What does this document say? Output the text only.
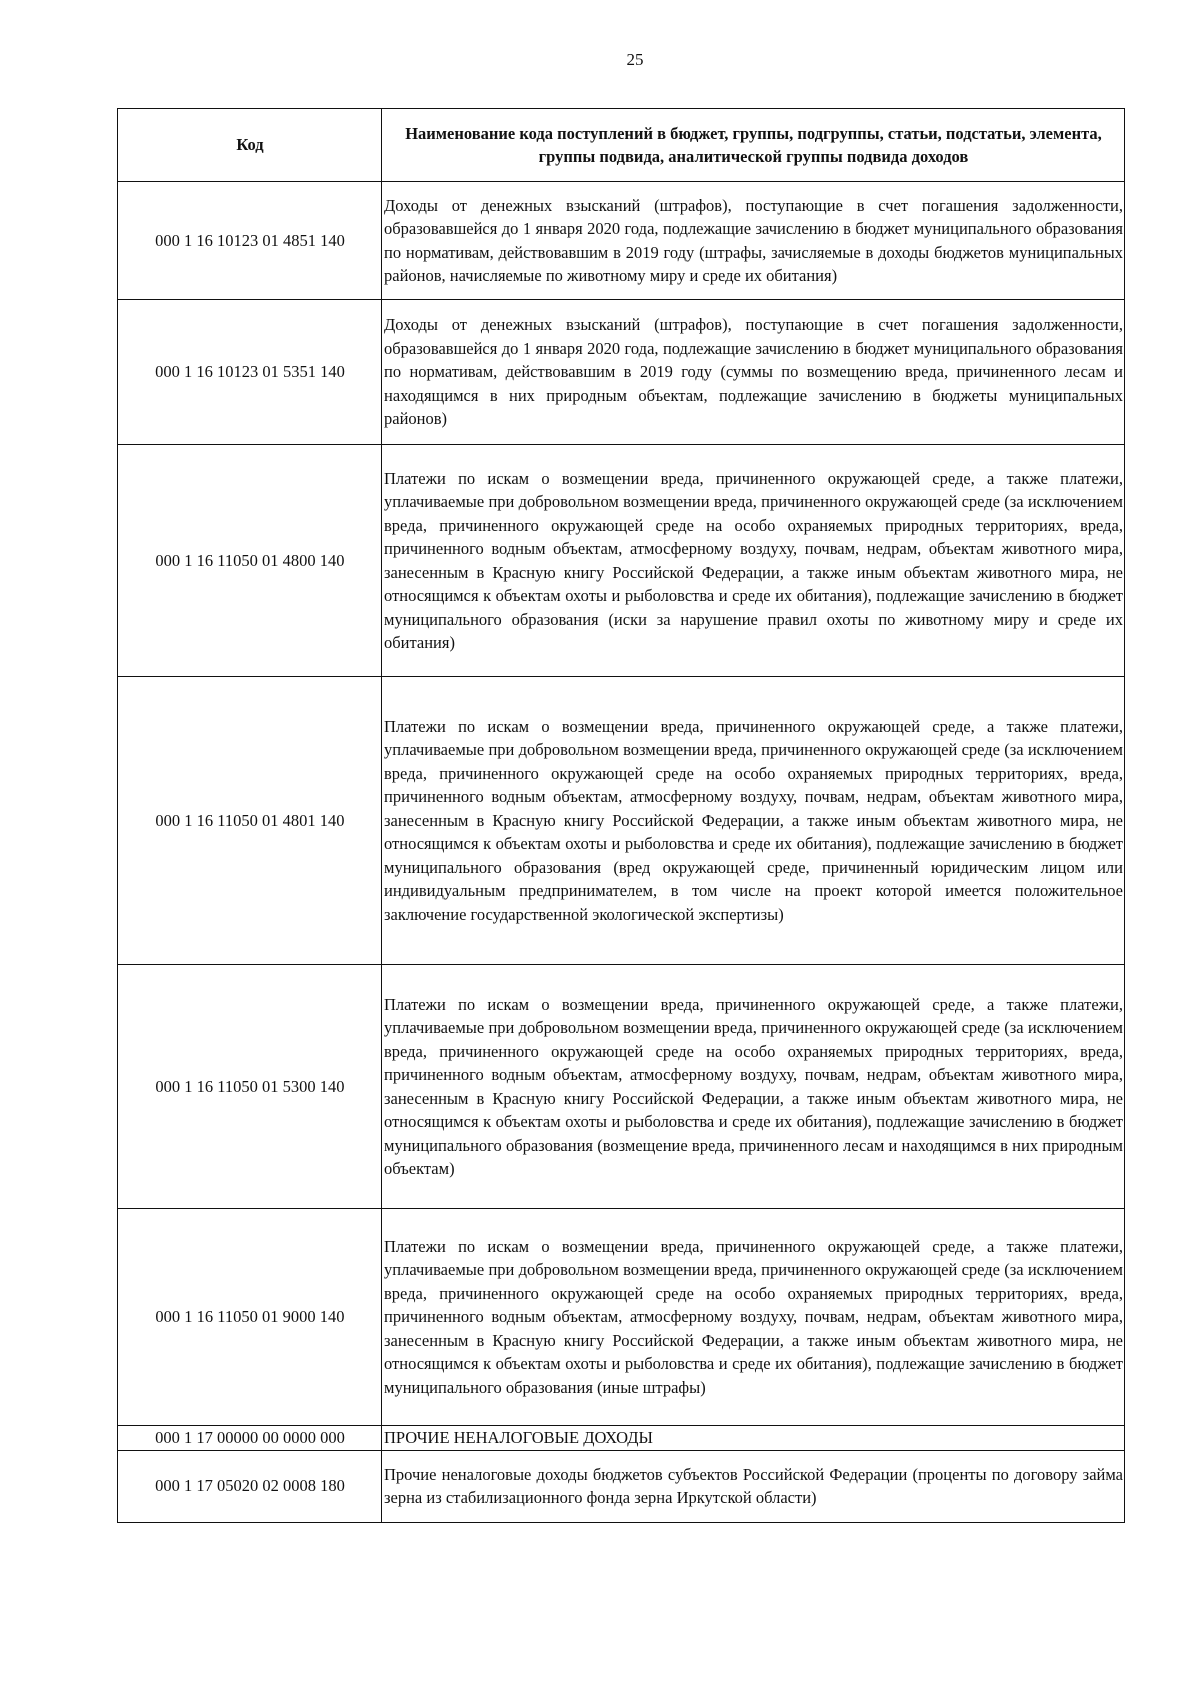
25
Код	Наименование кода поступлений в бюджет, группы, подгруппы, статьи, подстатьи, элемента, группы подвида, аналитической группы подвида доходов
000 1 16 10123 01 4851 140	Доходы от денежных взысканий (штрафов), поступающие в счет погашения задолженности, образовавшейся до 1 января 2020 года, подлежащие зачислению в бюджет муниципального образования по нормативам, действовавшим в 2019 году (штрафы, зачисляемые в доходы бюджетов муниципальных районов, начисляемые по животному миру и среде их обитания)
000 1 16 10123 01 5351 140	Доходы от денежных взысканий (штрафов), поступающие в счет погашения задолженности, образовавшейся до 1 января 2020 года, подлежащие зачислению в бюджет муниципального образования по нормативам, действовавшим в 2019 году (суммы по возмещению вреда, причиненного лесам и находящимся в них природным объектам, подлежащие зачислению в бюджеты муниципальных районов)
000 1 16 11050 01 4800 140	Платежи по искам о возмещении вреда, причиненного окружающей среде, а также платежи, уплачиваемые при добровольном возмещении вреда, причиненного окружающей среде (за исключением вреда, причиненного окружающей среде на особо охраняемых природных территориях, вреда, причиненного водным объектам, атмосферному воздуху, почвам, недрам, объектам животного мира, занесенным в Красную книгу Российской Федерации, а также иным объектам животного мира, не относящимся к объектам охоты и рыболовства и среде их обитания), подлежащие зачислению в бюджет муниципального образования (иски за нарушение правил охоты по животному миру и среде их обитания)
000 1 16 11050 01 4801 140	Платежи по искам о возмещении вреда, причиненного окружающей среде, а также платежи, уплачиваемые при добровольном возмещении вреда, причиненного окружающей среде (за исключением вреда, причиненного окружающей среде на особо охраняемых природных территориях, вреда, причиненного водным объектам, атмосферному воздуху, почвам, недрам, объектам животного мира, занесенным в Красную книгу Российской Федерации, а также иным объектам животного мира, не относящимся к объектам охоты и рыболовства и среде их обитания), подлежащие зачислению в бюджет муниципального образования (вред окружающей среде, причиненный юридическим лицом или индивидуальным предпринимателем, в том числе на проект которой имеется положительное заключение государственной экологической экспертизы)
000 1 16 11050 01 5300 140	Платежи по искам о возмещении вреда, причиненного окружающей среде, а также платежи, уплачиваемые при добровольном возмещении вреда, причиненного окружающей среде (за исключением вреда, причиненного окружающей среде на особо охраняемых природных территориях, вреда, причиненного водным объектам, атмосферному воздуху, почвам, недрам, объектам животного мира, занесенным в Красную книгу Российской Федерации, а также иным объектам животного мира, не относящимся к объектам охоты и рыболовства и среде их обитания), подлежащие зачислению в бюджет муниципального образования (возмещение вреда, причиненного лесам и находящимся в них природным объектам)
000 1 16 11050 01 9000 140	Платежи по искам о возмещении вреда, причиненного окружающей среде, а также платежи, уплачиваемые при добровольном возмещении вреда, причиненного окружающей среде (за исключением вреда, причиненного окружающей среде на особо охраняемых природных территориях, вреда, причиненного водным объектам, атмосферному воздуху, почвам, недрам, объектам животного мира, занесенным в Красную книгу Российской Федерации, а также иным объектам животного мира, не относящимся к объектам охоты и рыболовства и среде их обитания), подлежащие зачислению в бюджет муниципального образования (иные штрафы)
000 1 17 00000 00 0000 000	ПРОЧИЕ НЕНАЛОГОВЫЕ ДОХОДЫ
000 1 17 05020 02 0008 180	Прочие неналоговые доходы бюджетов субъектов Российской Федерации (проценты по договору займа зерна из стабилизационного фонда зерна Иркутской области)
